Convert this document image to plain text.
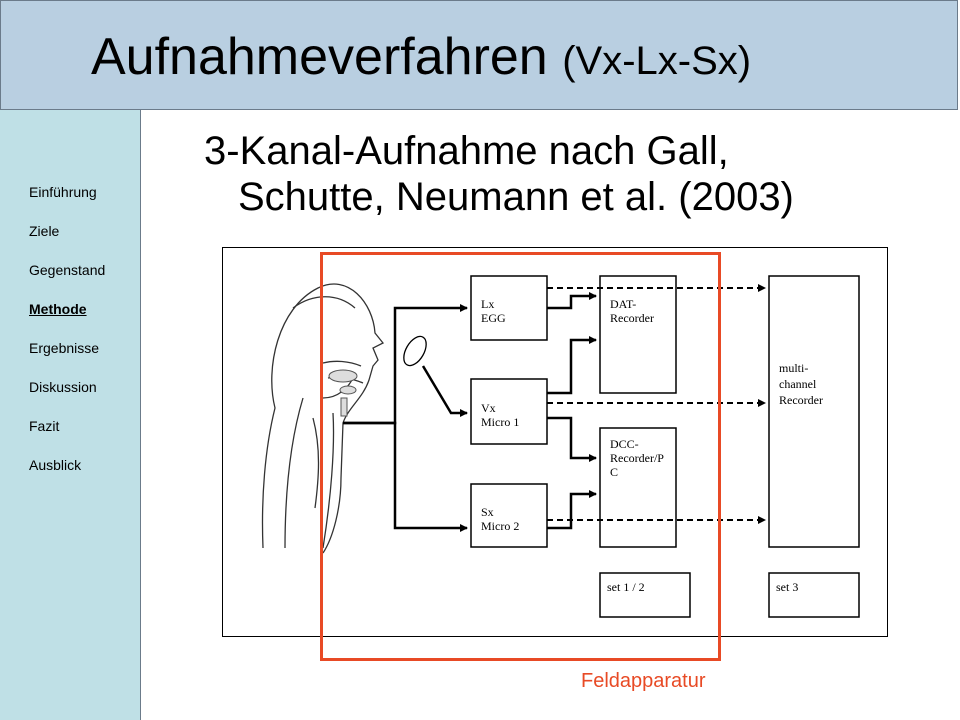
Aufnahmeverfahren (Vx-Lx-Sx)
Einführung
Ziele
Gegenstand
Methode
Ergebnisse
Diskussion
Fazit
Ausblick
3-Kanal-Aufnahme nach Gall,
Schutte, Neumann et al. (2003)
Lx
EGG
Vx
Micro 1
Sx
Micro 2
DAT-
Recorder
DCC-
Recorder/P
C
multi-
channel
Recorder
set 1 / 2	set 3
Feldapparatur
